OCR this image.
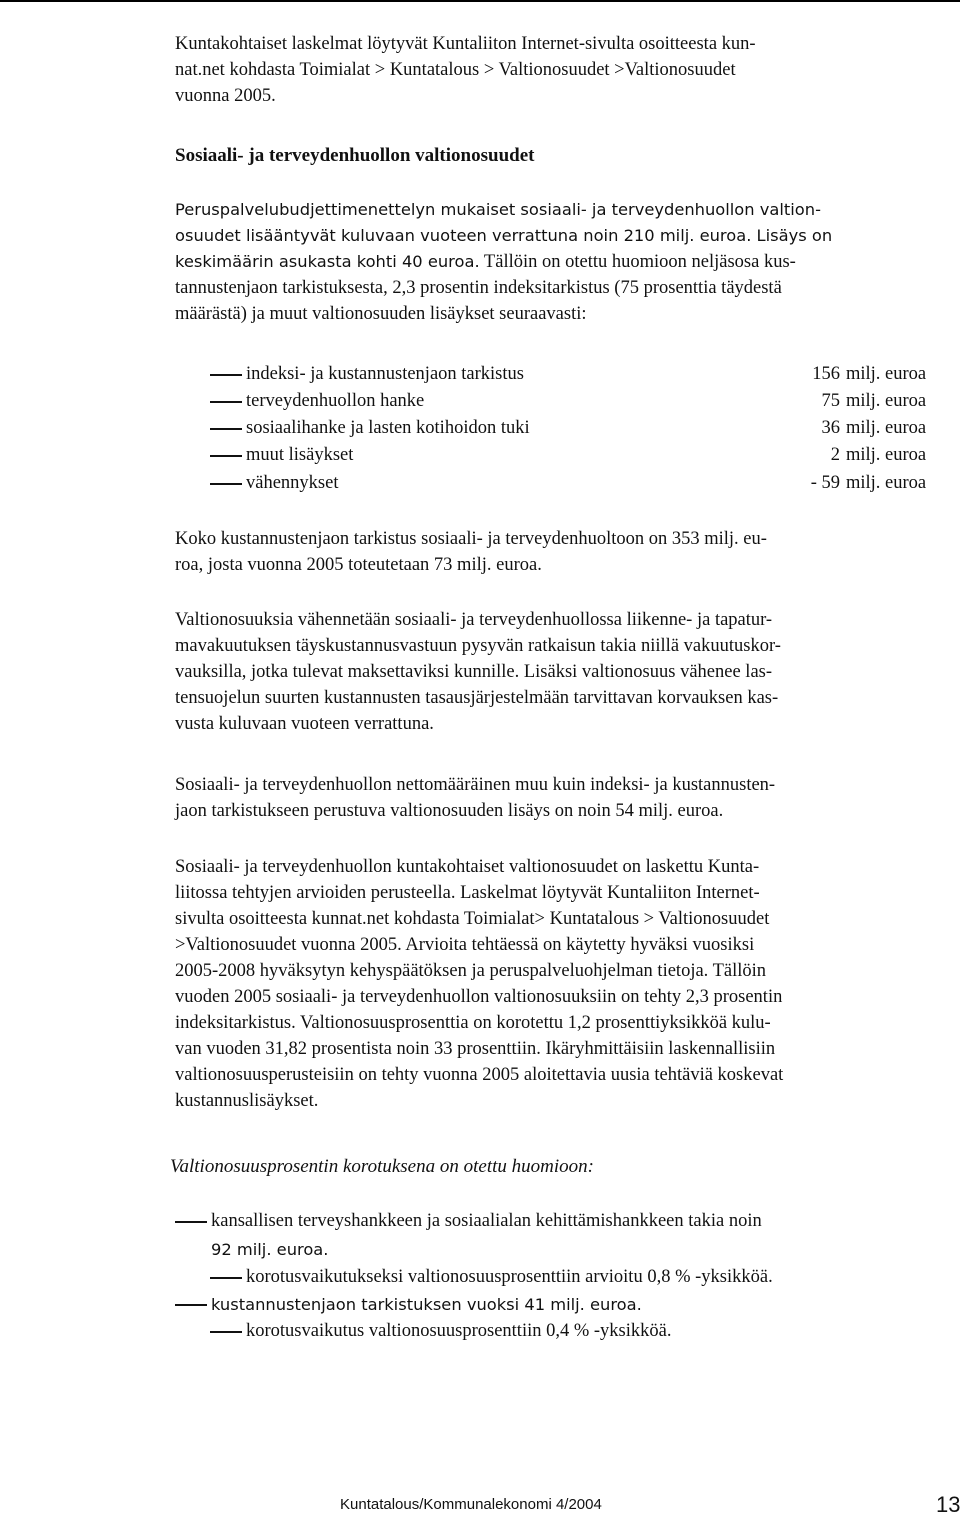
Kuntakohtaiset laskelmat löytyvät Kuntaliiton Internet-sivulta osoitteesta kun-

nat.net kohdasta Toimialat > Kuntatalous > Valtionosuudet >Valtionosuudet

vuonna 2005.

Sosiaali- ja terveydenhuollon valtionosuudet

Peruspalvelubudjettimenettelyn mukaiset sosiaali- ja terveydenhuollon valtion-

osuudet lisääntyvät kuluvaan vuoteen verrattuna noin 210 milj. euroa. Lisäys on

keskimäärin asukasta kohti 40 euroa. Tällöin on otettu huomioon neljäsosa kus-

tannustenjaon tarkistuksesta, 2,3 prosentin indeksitarkistus (75 prosenttia täydestä

määrästä) ja muut valtionosuuden lisäykset seuraavasti:

indeksi- ja kustannustenjaon tarkistus	156 milj. euroa
terveydenhuollon hanke	75 milj. euroa
sosiaalihanke ja lasten kotihoidon tuki	36 milj. euroa
muut lisäykset	2 milj. euroa
vähennykset	- 59 milj. euroa

Koko kustannustenjaon tarkistus sosiaali- ja terveydenhuoltoon on 353 milj. eu-

roa, josta vuonna 2005 toteutetaan 73 milj. euroa.

Valtionosuuksia vähennetään sosiaali- ja terveydenhuollossa liikenne- ja tapatur-

mavakuutuksen täyskustannusvastuun pysyvän ratkaisun takia niillä vakuutuskor-

vauksilla, jotka tulevat maksettaviksi kunnille. Lisäksi valtionosuus vähenee las-

tensuojelun suurten kustannusten tasausjärjestelmään tarvittavan korvauksen kas-

vusta kuluvaan vuoteen verrattuna.

Sosiaali- ja terveydenhuollon nettomääräinen muu kuin indeksi- ja kustannusten-

jaon tarkistukseen perustuva valtionosuuden lisäys on noin 54 milj. euroa.

Sosiaali- ja terveydenhuollon kuntakohtaiset valtionosuudet on laskettu Kunta-

liitossa tehtyjen arvioiden perusteella. Laskelmat löytyvät Kuntaliiton Internet-

sivulta osoitteesta kunnat.net kohdasta Toimialat> Kuntatalous > Valtionosuudet

>Valtionosuudet vuonna 2005. Arvioita tehtäessä on käytetty hyväksi vuosiksi

2005-2008 hyväksytyn kehyspäätöksen ja peruspalveluohjelman tietoja. Tällöin

vuoden 2005 sosiaali- ja terveydenhuollon valtionosuuksiin on tehty 2,3 prosentin

indeksitarkistus. Valtionosuusprosenttia on korotettu 1,2 prosenttiyksikköä kulu-

van vuoden 31,82 prosentista noin 33 prosenttiin. Ikäryhmittäisiin laskennallisiin

valtionosuusperusteisiin on tehty vuonna 2005 aloitettavia uusia tehtäviä koskevat

kustannuslisäykset.

Valtionosuusprosentin korotuksena on otettu huomioon:
kansallisen terveyshankkeen ja sosiaalialan kehittämishankkeen takia noin
92 milj. euroa.
korotusvaikutukseksi valtionosuusprosenttiin arvioitu 0,8 % -yksikköä.
kustannustenjaon tarkistuksen vuoksi 41 milj. euroa.
korotusvaikutus valtionosuusprosenttiin 0,4 % -yksikköä.
Kuntatalous/Kommunalekonomi 4/2004	13
